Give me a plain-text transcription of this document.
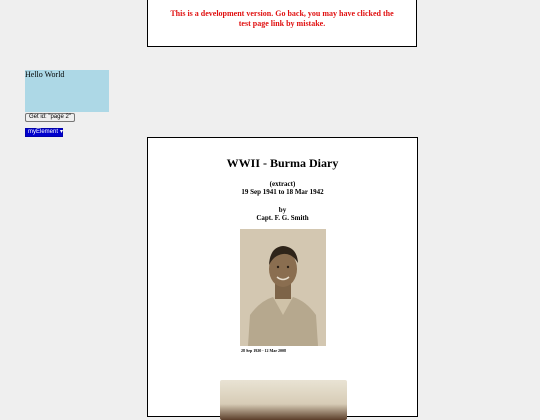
This is a development version. Go back, you may have clicked the test page link by mistake.
Hello World
Get id: "page 2"
myElement ▾
WWII - Burma Diary
(extract)
19 Sep 1941 to 18 Mar 1942
by
Capt. F. G. Smith
28 Sep 1920 - 12 Mar 2008
